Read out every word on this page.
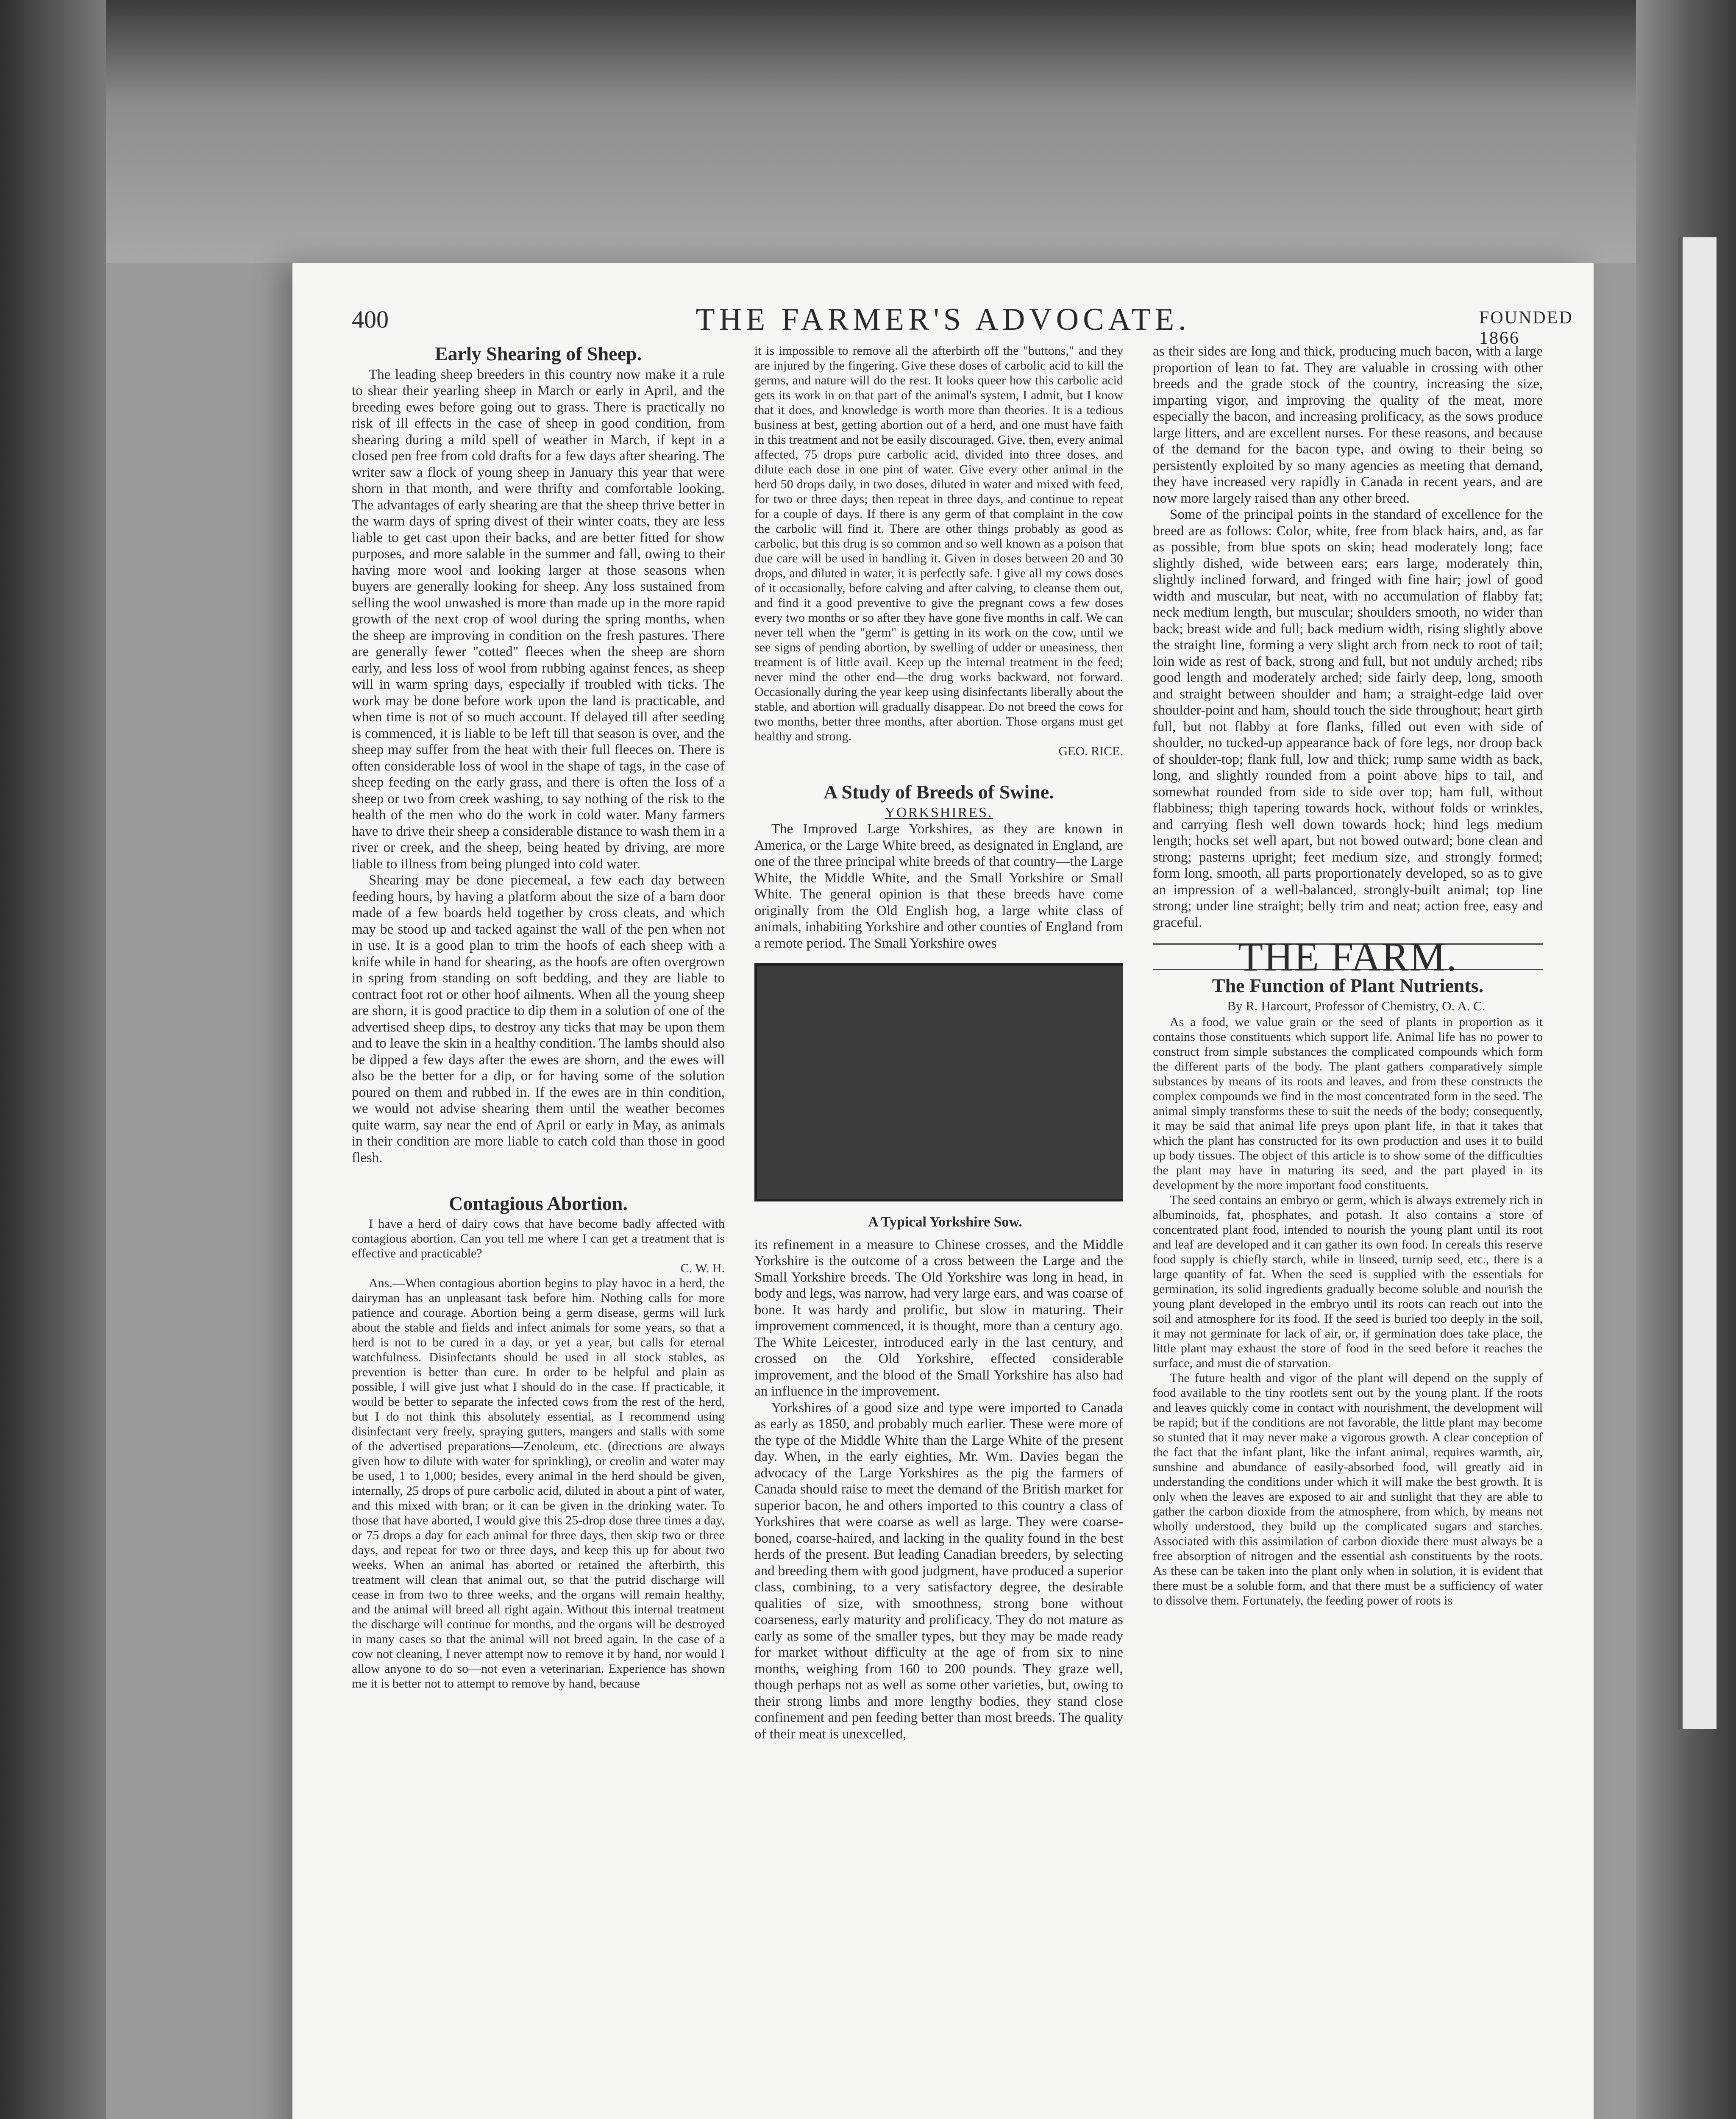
400	THE FARMER'S ADVOCATE.	FOUNDED 1866
Early Shearing of Sheep.

The leading sheep breeders in this country now make it a rule to shear their yearling sheep in March or early in April, and the breeding ewes before going out to grass. There is practically no risk of ill effects in the case of sheep in good condition, from shearing during a mild spell of weather in March, if kept in a closed pen free from cold drafts for a few days after shearing. The writer saw a flock of young sheep in January this year that were shorn in that month, and were thrifty and comfortable looking. The advantages of early shearing are that the sheep thrive better in the warm days of spring divest of their winter coats, they are less liable to get cast upon their backs, and are better fitted for show purposes, and more salable in the summer and fall, owing to their having more wool and looking larger at those seasons when buyers are generally looking for sheep. Any loss sustained from selling the wool unwashed is more than made up in the more rapid growth of the next crop of wool during the spring months, when the sheep are improving in condition on the fresh pastures. There are generally fewer "cotted" fleeces when the sheep are shorn early, and less loss of wool from rubbing against fences, as sheep will in warm spring days, especially if troubled with ticks. The work may be done before work upon the land is practicable, and when time is not of so much account. If delayed till after seeding is commenced, it is liable to be left till that season is over, and the sheep may suffer from the heat with their full fleeces on. There is often considerable loss of wool in the shape of tags, in the case of sheep feeding on the early grass, and there is often the loss of a sheep or two from creek washing, to say nothing of the risk to the health of the men who do the work in cold water. Many farmers have to drive their sheep a considerable distance to wash them in a river or creek, and the sheep, being heated by driving, are more liable to illness from being plunged into cold water.

Shearing may be done piecemeal, a few each day between feeding hours, by having a platform about the size of a barn door made of a few boards held together by cross cleats, and which may be stood up and tacked against the wall of the pen when not in use. It is a good plan to trim the hoofs of each sheep with a knife while in hand for shearing, as the hoofs are often overgrown in spring from standing on soft bedding, and they are liable to contract foot rot or other hoof ailments. When all the young sheep are shorn, it is good practice to dip them in a solution of one of the advertised sheep dips, to destroy any ticks that may be upon them and to leave the skin in a healthy condition. The lambs should also be dipped a few days after the ewes are shorn, and the ewes will also be the better for a dip, or for having some of the solution poured on them and rubbed in. If the ewes are in thin condition, we would not advise shearing them until the weather becomes quite warm, say near the end of April or early in May, as animals in their condition are more liable to catch cold than those in good flesh.

Contagious Abortion.

I have a herd of dairy cows that have become badly affected with contagious abortion. Can you tell me where I can get a treatment that is effective and practicable?

C. W. H.

Ans.—When contagious abortion begins to play havoc in a herd, the dairyman has an unpleasant task before him. Nothing calls for more patience and courage. Abortion being a germ disease, germs will lurk about the stable and fields and infect animals for some years, so that a herd is not to be cured in a day, or yet a year, but calls for eternal watchfulness. Disinfectants should be used in all stock stables, as prevention is better than cure. In order to be helpful and plain as possible, I will give just what I should do in the case. If practicable, it would be better to separate the infected cows from the rest of the herd, but I do not think this absolutely essential, as I recommend using disinfectant very freely, spraying gutters, mangers and stalls with some of the advertised preparations—Zenoleum, etc. (directions are always given how to dilute with water for sprinkling), or creolin and water may be used, 1 to 1,000; besides, every animal in the herd should be given, internally, 25 drops of pure carbolic acid, diluted in about a pint of water, and this mixed with bran; or it can be given in the drinking water. To those that have aborted, I would give this 25-drop dose three times a day, or 75 drops a day for each animal for three days, then skip two or three days, and repeat for two or three days, and keep this up for about two weeks. When an animal has aborted or retained the afterbirth, this treatment will clean that animal out, so that the putrid discharge will cease in from two to three weeks, and the organs will remain healthy, and the animal will breed all right again. Without this internal treatment the discharge will continue for months, and the organs will be destroyed in many cases so that the animal will not breed again. In the case of a cow not cleaning, I never attempt now to remove it by hand, nor would I allow anyone to do so—not even a veterinarian. Experience has shown me it is better not to attempt to remove by hand, because

it is impossible to remove all the afterbirth off the "buttons," and they are injured by the fingering. Give these doses of carbolic acid to kill the germs, and nature will do the rest. It looks queer how this carbolic acid gets its work in on that part of the animal's system, I admit, but I know that it does, and knowledge is worth more than theories. It is a tedious business at best, getting abortion out of a herd, and one must have faith in this treatment and not be easily discouraged. Give, then, every animal affected, 75 drops pure carbolic acid, divided into three doses, and dilute each dose in one pint of water. Give every other animal in the herd 50 drops daily, in two doses, diluted in water and mixed with feed, for two or three days; then repeat in three days, and continue to repeat for a couple of days. If there is any germ of that complaint in the cow the carbolic will find it. There are other things probably as good as carbolic, but this drug is so common and so well known as a poison that due care will be used in handling it. Given in doses between 20 and 30 drops, and diluted in water, it is perfectly safe. I give all my cows doses of it occasionally, before calving and after calving, to cleanse them out, and find it a good preventive to give the pregnant cows a few doses every two months or so after they have gone five months in calf. We can never tell when the "germ" is getting in its work on the cow, until we see signs of pending abortion, by swelling of udder or uneasiness, then treatment is of little avail. Keep up the internal treatment in the feed; never mind the other end—the drug works backward, not forward. Occasionally during the year keep using disinfectants liberally about the stable, and abortion will gradually disappear. Do not breed the cows for two months, better three months, after abortion. Those organs must get healthy and strong.

GEO. RICE.

A Study of Breeds of Swine.
YORKSHIRES.

The Improved Large Yorkshires, as they are known in America, or the Large White breed, as designated in England, are one of the three principal white breeds of that country—the Large White, the Middle White, and the Small Yorkshire or Small White. The general opinion is that these breeds have come originally from the Old English hog, a large white class of animals, inhabiting Yorkshire and other counties of England from a remote period. The Small Yorkshire owes

A Typical Yorkshire Sow.

its refinement in a measure to Chinese crosses, and the Middle Yorkshire is the outcome of a cross between the Large and the Small Yorkshire breeds. The Old Yorkshire was long in head, in body and legs, was narrow, had very large ears, and was coarse of bone. It was hardy and prolific, but slow in maturing. Their improvement commenced, it is thought, more than a century ago. The White Leicester, introduced early in the last century, and crossed on the Old Yorkshire, effected considerable improvement, and the blood of the Small Yorkshire has also had an influence in the improvement.

Yorkshires of a good size and type were imported to Canada as early as 1850, and probably much earlier. These were more of the type of the Middle White than the Large White of the present day. When, in the early eighties, Mr. Wm. Davies began the advocacy of the Large Yorkshires as the pig the farmers of Canada should raise to meet the demand of the British market for superior bacon, he and others imported to this country a class of Yorkshires that were coarse as well as large. They were coarse-boned, coarse-haired, and lacking in the quality found in the best herds of the present. But leading Canadian breeders, by selecting and breeding them with good judgment, have produced a superior class, combining, to a very satisfactory degree, the desirable qualities of size, with smoothness, strong bone without coarseness, early maturity and prolificacy. They do not mature as early as some of the smaller types, but they may be made ready for market without difficulty at the age of from six to nine months, weighing from 160 to 200 pounds. They graze well, though perhaps not as well as some other varieties, but, owing to their strong limbs and more lengthy bodies, they stand close confinement and pen feeding better than most breeds. The quality of their meat is unexcelled,

as their sides are long and thick, producing much bacon, with a large proportion of lean to fat. They are valuable in crossing with other breeds and the grade stock of the country, increasing the size, imparting vigor, and improving the quality of the meat, more especially the bacon, and increasing prolificacy, as the sows produce large litters, and are excellent nurses. For these reasons, and because of the demand for the bacon type, and owing to their being so persistently exploited by so many agencies as meeting that demand, they have increased very rapidly in Canada in recent years, and are now more largely raised than any other breed.

Some of the principal points in the standard of excellence for the breed are as follows: Color, white, free from black hairs, and, as far as possible, from blue spots on skin; head moderately long; face slightly dished, wide between ears; ears large, moderately thin, slightly inclined forward, and fringed with fine hair; jowl of good width and muscular, but neat, with no accumulation of flabby fat; neck medium length, but muscular; shoulders smooth, no wider than back; breast wide and full; back medium width, rising slightly above the straight line, forming a very slight arch from neck to root of tail; loin wide as rest of back, strong and full, but not unduly arched; ribs good length and moderately arched; side fairly deep, long, smooth and straight between shoulder and ham; a straight-edge laid over shoulder-point and ham, should touch the side throughout; heart girth full, but not flabby at fore flanks, filled out even with side of shoulder, no tucked-up appearance back of fore legs, nor droop back of shoulder-top; flank full, low and thick; rump same width as back, long, and slightly rounded from a point above hips to tail, and somewhat rounded from side to side over top; ham full, without flabbiness; thigh tapering towards hock, without folds or wrinkles, and carrying flesh well down towards hock; hind legs medium length; hocks set well apart, but not bowed outward; bone clean and strong; pasterns upright; feet medium size, and strongly formed; form long, smooth, all parts proportionately developed, so as to give an impression of a well-balanced, strongly-built animal; top line strong; under line straight; belly trim and neat; action free, easy and graceful.

THE FARM.
The Function of Plant Nutrients.

By R. Harcourt, Professor of Chemistry, O. A. C.

As a food, we value grain or the seed of plants in proportion as it contains those constituents which support life. Animal life has no power to construct from simple substances the complicated compounds which form the different parts of the body. The plant gathers comparatively simple substances by means of its roots and leaves, and from these constructs the complex compounds we find in the most concentrated form in the seed. The animal simply transforms these to suit the needs of the body; consequently, it may be said that animal life preys upon plant life, in that it takes that which the plant has constructed for its own production and uses it to build up body tissues. The object of this article is to show some of the difficulties the plant may have in maturing its seed, and the part played in its development by the more important food constituents.

The seed contains an embryo or germ, which is always extremely rich in albuminoids, fat, phosphates, and potash. It also contains a store of concentrated plant food, intended to nourish the young plant until its root and leaf are developed and it can gather its own food. In cereals this reserve food supply is chiefly starch, while in linseed, turnip seed, etc., there is a large quantity of fat. When the seed is supplied with the essentials for germination, its solid ingredients gradually become soluble and nourish the young plant developed in the embryo until its roots can reach out into the soil and atmosphere for its food. If the seed is buried too deeply in the soil, it may not germinate for lack of air, or, if germination does take place, the little plant may exhaust the store of food in the seed before it reaches the surface, and must die of starvation.

The future health and vigor of the plant will depend on the supply of food available to the tiny rootlets sent out by the young plant. If the roots and leaves quickly come in contact with nourishment, the development will be rapid; but if the conditions are not favorable, the little plant may become so stunted that it may never make a vigorous growth. A clear conception of the fact that the infant plant, like the infant animal, requires warmth, air, sunshine and abundance of easily-absorbed food, will greatly aid in understanding the conditions under which it will make the best growth. It is only when the leaves are exposed to air and sunlight that they are able to gather the carbon dioxide from the atmosphere, from which, by means not wholly understood, they build up the complicated sugars and starches. Associated with this assimilation of carbon dioxide there must always be a free absorption of nitrogen and the essential ash constituents by the roots. As these can be taken into the plant only when in solution, it is evident that there must be a soluble form, and that there must be a sufficiency of water to dissolve them. Fortunately, the feeding power of roots is
